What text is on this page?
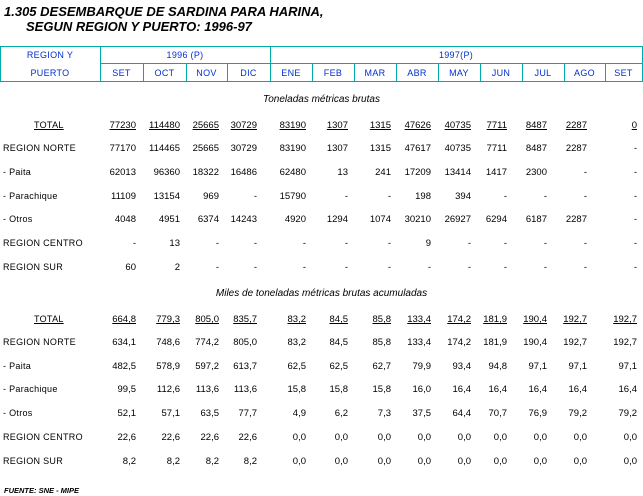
1.305 DESEMBARQUE DE SARDINA PARA HARINA,
SEGUN REGION Y PUERTO: 1996-97
REGION Y
PUERTO
1996 (P)	1997(P)
SET	OCT	NOV	DIC	ENE	FEB	MAR	ABR	MAY	JUN	JUL	AGO	SET
Toneladas métricas brutas
Miles de toneladas métricas brutas acumuladas
TOTAL	77230	114480	25665	30729	83190	1307	1315	47626	40735	7711	8487	2287	0
REGION NORTE	77170	114465	25665	30729	83190	1307	1315	47617	40735	7711	8487	2287	-
- Paita	62013	96360	18322	16486	62480	13	241	17209	13414	1417	2300	-	-
- Parachique	11109	13154	969	-	15790	-	-	198	394	-	-	-	-
- Otros	4048	4951	6374	14243	4920	1294	1074	30210	26927	6294	6187	2287	-
REGION CENTRO	-	13	-	-	-	-	-	9	-	-	-	-	-
REGION SUR	60	2	-	-	-	-	-	-	-	-	-	-	-
TOTAL	664,8	779,3	805,0	835,7	83,2	84,5	85,8	133,4	174,2	181,9	190,4	192,7	192,7
REGION NORTE	634,1	748,6	774,2	805,0	83,2	84,5	85,8	133,4	174,2	181,9	190,4	192,7	192,7
- Paita	482,5	578,9	597,2	613,7	62,5	62,5	62,7	79,9	93,4	94,8	97,1	97,1	97,1
- Parachique	99,5	112,6	113,6	113,6	15,8	15,8	15,8	16,0	16,4	16,4	16,4	16,4	16,4
- Otros	52,1	57,1	63,5	77,7	4,9	6,2	7,3	37,5	64,4	70,7	76,9	79,2	79,2
REGION CENTRO	22,6	22,6	22,6	22,6	0,0	0,0	0,0	0,0	0,0	0,0	0,0	0,0	0,0
REGION SUR	8,2	8,2	8,2	8,2	0,0	0,0	0,0	0,0	0,0	0,0	0,0	0,0	0,0
FUENTE: SNE - MIPE
